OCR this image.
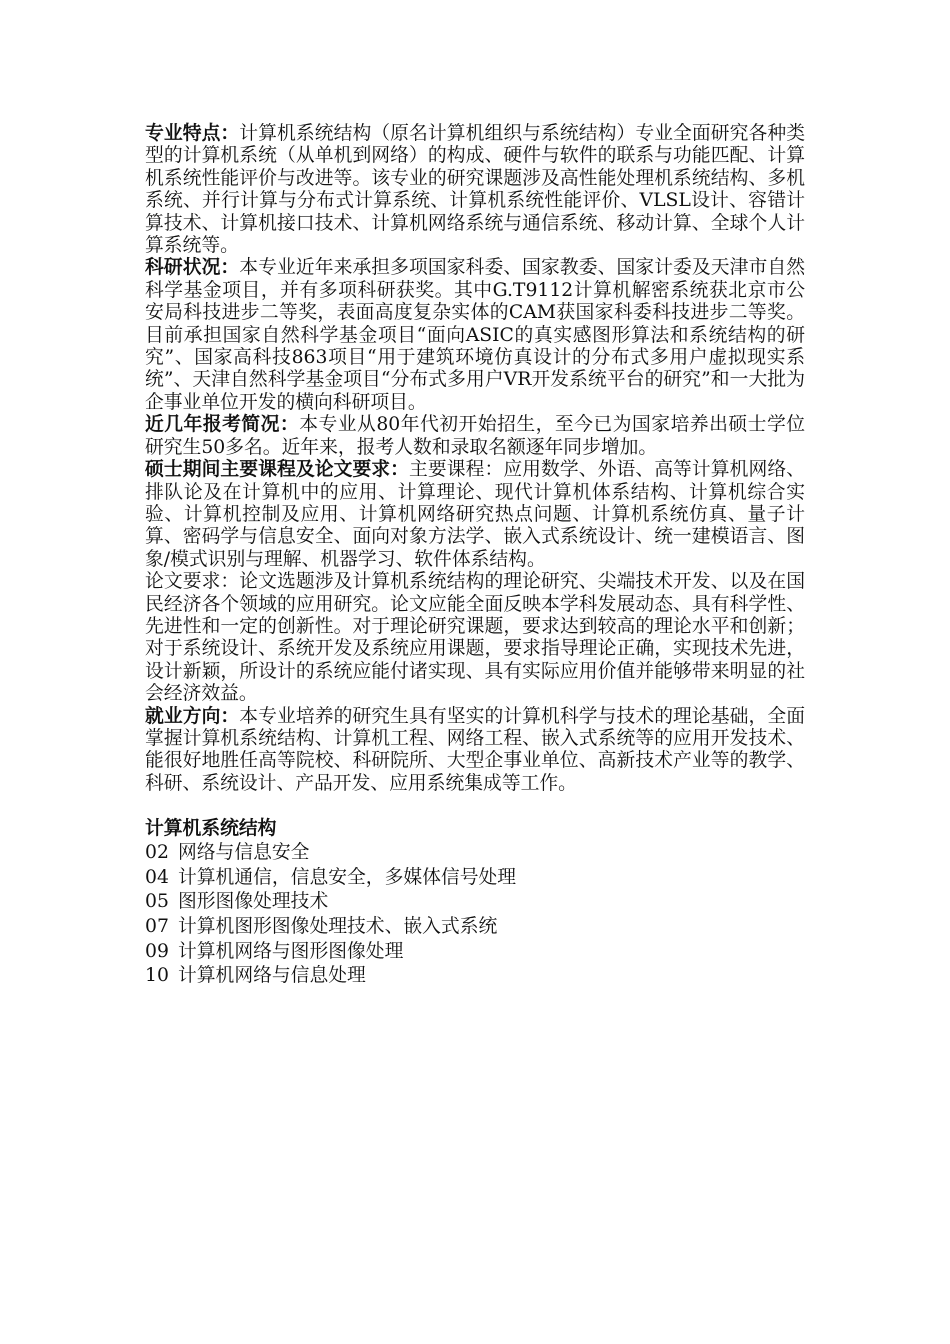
专业特点：计算机系统结构（原名计算机组织与系统结构）专业全面研究各种类型的计算机系统（从单机到网络）的构成、硬件与软件的联系与功能匹配、计算机系统性能评价与改进等。该专业的研究课题涉及高性能处理机系统结构、多机系统、并行计算与分布式计算系统、计算机系统性能评价、VLSL设计、容错计算技术、计算机接口技术、计算机网络系统与通信系统、移动计算、全球个人计算系统等。

科研状况：本专业近年来承担多项国家科委、国家教委、国家计委及天津市自然科学基金项目，并有多项科研获奖。其中G.T9112计算机解密系统获北京市公安局科技进步二等奖，表面高度复杂实体的CAM获国家科委科技进步二等奖。目前承担国家自然科学基金项目“面向ASIC的真实感图形算法和系统结构的研究”、国家高科技863项目“用于建筑环境仿真设计的分布式多用户虚拟现实系统”、天津自然科学基金项目“分布式多用户VR开发系统平台的研究”和一大批为企事业单位开发的横向科研项目。

近几年报考简况：本专业从80年代初开始招生，至今已为国家培养出硕士学位研究生50多名。近年来，报考人数和录取名额逐年同步增加。

硕士期间主要课程及论文要求：主要课程：应用数学、外语、高等计算机网络、排队论及在计算机中的应用、计算理论、现代计算机体系结构、计算机综合实验、计算机控制及应用、计算机网络研究热点问题、计算机系统仿真、量子计算、密码学与信息安全、面向对象方法学、嵌入式系统设计、统一建模语言、图象/模式识别与理解、机器学习、软件体系结构。

论文要求：论文选题涉及计算机系统结构的理论研究、尖端技术开发、以及在国民经济各个领域的应用研究。论文应能全面反映本学科发展动态、具有科学性、先进性和一定的创新性。对于理论研究课题，要求达到较高的理论水平和创新；对于系统设计、系统开发及系统应用课题，要求指导理论正确，实现技术先进，设计新颖，所设计的系统应能付诸实现、具有实际应用价值并能够带来明显的社会经济效益。

就业方向：本专业培养的研究生具有坚实的计算机科学与技术的理论基础，全面掌握计算机系统结构、计算机工程、网络工程、嵌入式系统等的应用开发技术、能很好地胜任高等院校、科研院所、大型企事业单位、高新技术产业等的教学、科研、系统设计、产品开发、应用系统集成等工作。

计算机系统结构

02 网络与信息安全
04 计算机通信，信息安全，多媒体信号处理
05 图形图像处理技术
07 计算机图形图像处理技术、嵌入式系统
09 计算机网络与图形图像处理
10 计算机网络与信息处理
